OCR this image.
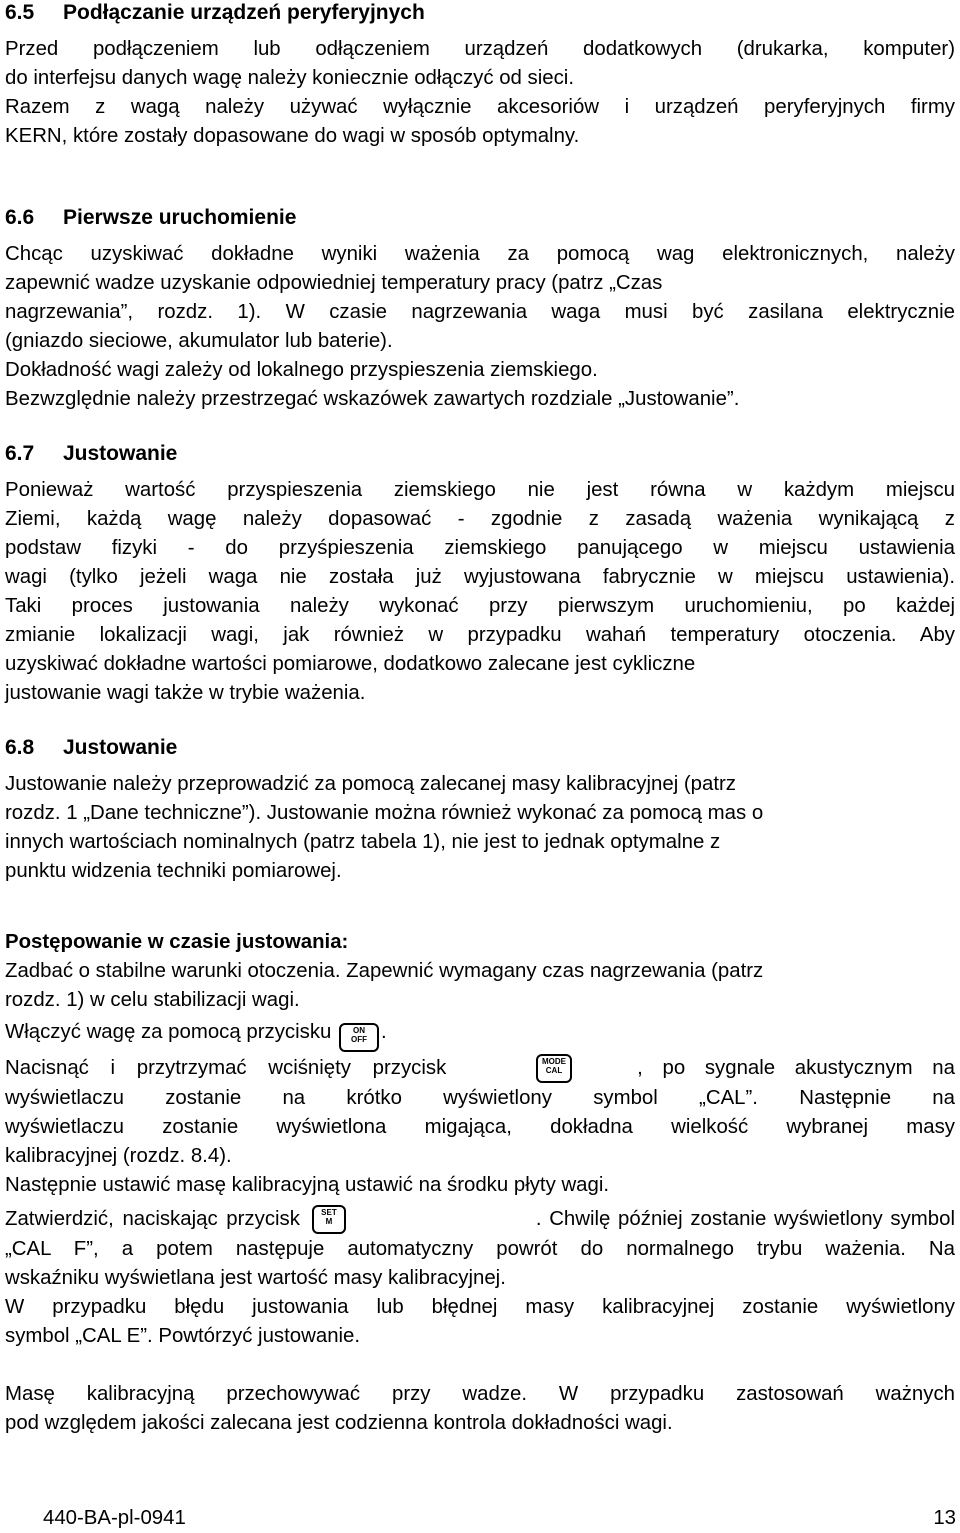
6.5 Podłączanie urządzeń peryferyjnych
Przed podłączeniem lub odłączeniem urządzeń dodatkowych (drukarka, komputer)
do interfejsu danych wagę należy koniecznie odłączyć od sieci.
Razem z wagą należy używać wyłącznie akcesoriów i urządzeń peryferyjnych firmy
KERN, które zostały dopasowane do wagi w sposób optymalny.
6.6 Pierwsze uruchomienie
Chcąc uzyskiwać dokładne wyniki ważenia za pomocą wag elektronicznych, należy
zapewnić wadze uzyskanie odpowiedniej temperatury pracy (patrz „Czas
nagrzewania”, rozdz. 1). W czasie nagrzewania waga musi być zasilana elektrycznie
(gniazdo sieciowe, akumulator lub baterie).
Dokładność wagi zależy od lokalnego przyspieszenia ziemskiego.
Bezwzględnie należy przestrzegać wskazówek zawartych rozdziale „Justowanie”.
6.7 Justowanie
Ponieważ wartość przyspieszenia ziemskiego nie jest równa w każdym miejscu
Ziemi, każdą wagę należy dopasować - zgodnie z zasadą ważenia wynikającą z
podstaw fizyki - do przyśpieszenia ziemskiego panującego w miejscu ustawienia
wagi (tylko jeżeli waga nie została już wyjustowana fabrycznie w miejscu ustawienia).
Taki proces justowania należy wykonać przy pierwszym uruchomieniu, po każdej
zmianie lokalizacji wagi, jak również w przypadku wahań temperatury otoczenia. Aby
uzyskiwać dokładne wartości pomiarowe, dodatkowo zalecane jest cykliczne
justowanie wagi także w trybie ważenia.
6.8 Justowanie
Justowanie należy przeprowadzić za pomocą zalecanej masy kalibracyjnej (patrz
rozdz. 1 „Dane techniczne”). Justowanie można również wykonać za pomocą mas o
innych wartościach nominalnych (patrz tabela 1), nie jest to jednak optymalne z
punktu widzenia techniki pomiarowej.
Postępowanie w czasie justowania:
Zadbać o stabilne warunki otoczenia. Zapewnić wymagany czas nagrzewania (patrz
rozdz. 1) w celu stabilizacji wagi.
Włączyć wagę za pomocą przycisku	ON
OFF .
Nacisnąć i przytrzymać wciśnięty przycisk	MODE
CAL	, po sygnale akustycznym na
wyświetlaczu zostanie na krótko wyświetlony symbol „CAL”. Następnie na
wyświetlaczu zostanie wyświetlona migająca, dokładna wielkość wybranej masy
kalibracyjnej (rozdz. 8.4).
Następnie ustawić masę kalibracyjną ustawić na środku płyty wagi.
Zatwierdzić, naciskając przycisk	SET
M	. Chwilę później zostanie wyświetlony symbol
„CAL F”, a potem następuje automatyczny powrót do normalnego trybu ważenia. Na
wskaźniku wyświetlana jest wartość masy kalibracyjnej.
W przypadku błędu justowania lub błędnej masy kalibracyjnej zostanie wyświetlony
symbol „CAL E”. Powtórzyć justowanie.
Masę kalibracyjną przechowywać przy wadze. W przypadku zastosowań ważnych
pod względem jakości zalecana jest codzienna kontrola dokładności wagi.
440-BA-pl-0941	13
